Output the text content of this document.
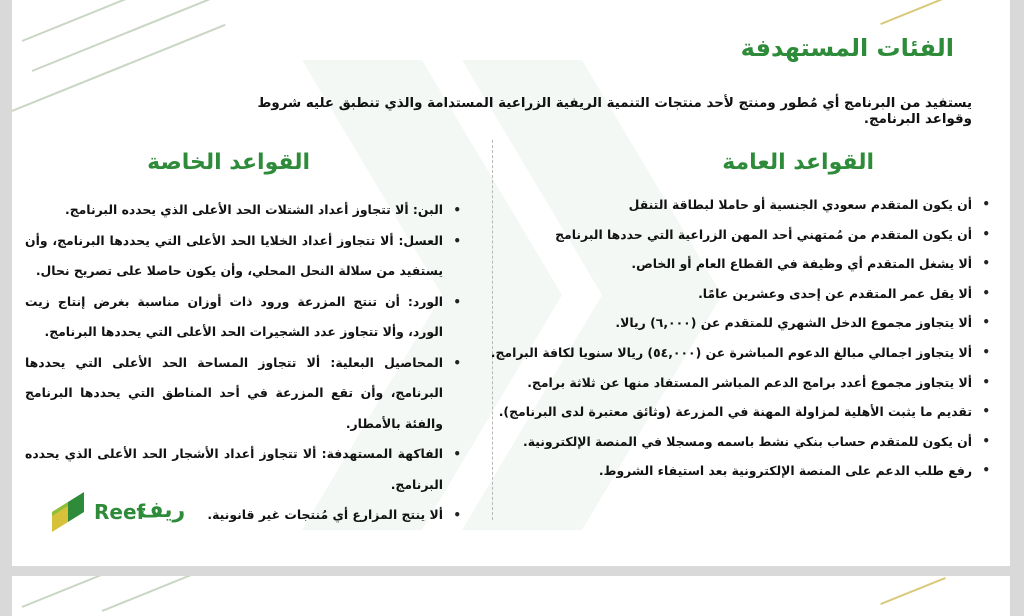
الفئات المستهدفة
يستفيد من البرنامج أي مُطور ومنتج لأحد منتجات التنمية الريفية الزراعية المستدامة والذي تنطبق عليه شروط وقواعد البرنامج.
القواعد العامة
القواعد الخاصة
• أن يكون المتقدم سعودي الجنسية أو حاملا لبطاقة التنقل
• أن يكون المتقدم من مُمتهني أحد المهن الزراعية التي حددها البرنامج
• ألا يشغل المتقدم أي وظيفة في القطاع العام أو الخاص.
• ألا يقل عمر المتقدم عن إحدى وعشرين عامًا.
• ألا يتجاوز مجموع الدخل الشهري للمتقدم عن (٦,٠٠٠) ريالا.
• ألا يتجاوز اجمالي مبالغ الدعوم المباشرة عن (٥٤,٠٠٠) ريالا سنويا لكافة البرامج.
• ألا يتجاوز مجموع أعدد برامج الدعم المباشر المستفاد منها عن ثلاثة برامج.
• تقديم ما يثبت الأهلية لمزاولة المهنة في المزرعة (وثائق معتبرة لدى البرنامج).
• أن يكون للمتقدم حساب بنكي نشط باسمه ومسجلا في المنصة الإلكترونية.
• رفع طلب الدعم على المنصة الإلكترونية بعد استيفاء الشروط.
• البن: ألا تتجاوز أعداد الشتلات الحد الأعلى الذي يحدده البرنامج.
• العسل: ألا تتجاوز أعداد الخلايا الحد الأعلى التي يحددها البرنامج، وأن يستفيد من سلالة النحل المحلي، وأن يكون حاصلا على تصريح نحال.
• الورد: أن تنتج المزرعة ورود ذات أوزان مناسبة بغرض إنتاج زيت الورد، وألا تتجاوز عدد الشجيرات الحد الأعلى التي يحددها البرنامج.
• المحاصيل البعلية: ألا تتجاوز المساحة الحد الأعلى التي يحددها البرنامج، وأن تقع المزرعة في أحد المناطق التي يحددها البرنامج والفئة بالأمطار.
• الفاكهة المستهدفة: ألا تتجاوز أعداد الأشجار الحد الأعلى الذي يحدده البرنامج.
• ألا ينتج المزارع أي مُنتجات غير قانونية.
Reef
ريف
